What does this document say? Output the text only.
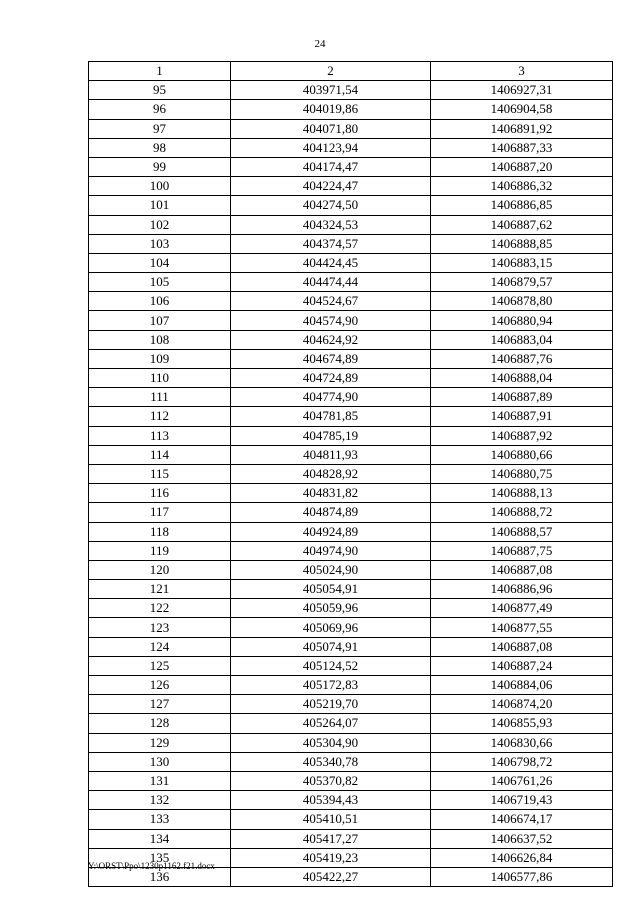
24
1	2	3
95	403971,54	1406927,31
96	404019,86	1406904,58
97	404071,80	1406891,92
98	404123,94	1406887,33
99	404174,47	1406887,20
100	404224,47	1406886,32
101	404274,50	1406886,85
102	404324,53	1406887,62
103	404374,57	1406888,85
104	404424,45	1406883,15
105	404474,44	1406879,57
106	404524,67	1406878,80
107	404574,90	1406880,94
108	404624,92	1406883,04
109	404674,89	1406887,76
110	404724,89	1406888,04
111	404774,90	1406887,89
112	404781,85	1406887,91
113	404785,19	1406887,92
114	404811,93	1406880,66
115	404828,92	1406880,75
116	404831,82	1406888,13
117	404874,89	1406888,72
118	404924,89	1406888,57
119	404974,90	1406887,75
120	405024,90	1406887,08
121	405054,91	1406886,96
122	405059,96	1406877,49
123	405069,96	1406877,55
124	405074,91	1406887,08
125	405124,52	1406887,24
126	405172,83	1406884,06
127	405219,70	1406874,20
128	405264,07	1406855,93
129	405304,90	1406830,66
130	405340,78	1406798,72
131	405370,82	1406761,26
132	405394,43	1406719,43
133	405410,51	1406674,17
134	405417,27	1406637,52
135	405419,23	1406626,84
136	405422,27	1406577,86
Y:\ORST\Ppo\1230p1162.f21.docx
